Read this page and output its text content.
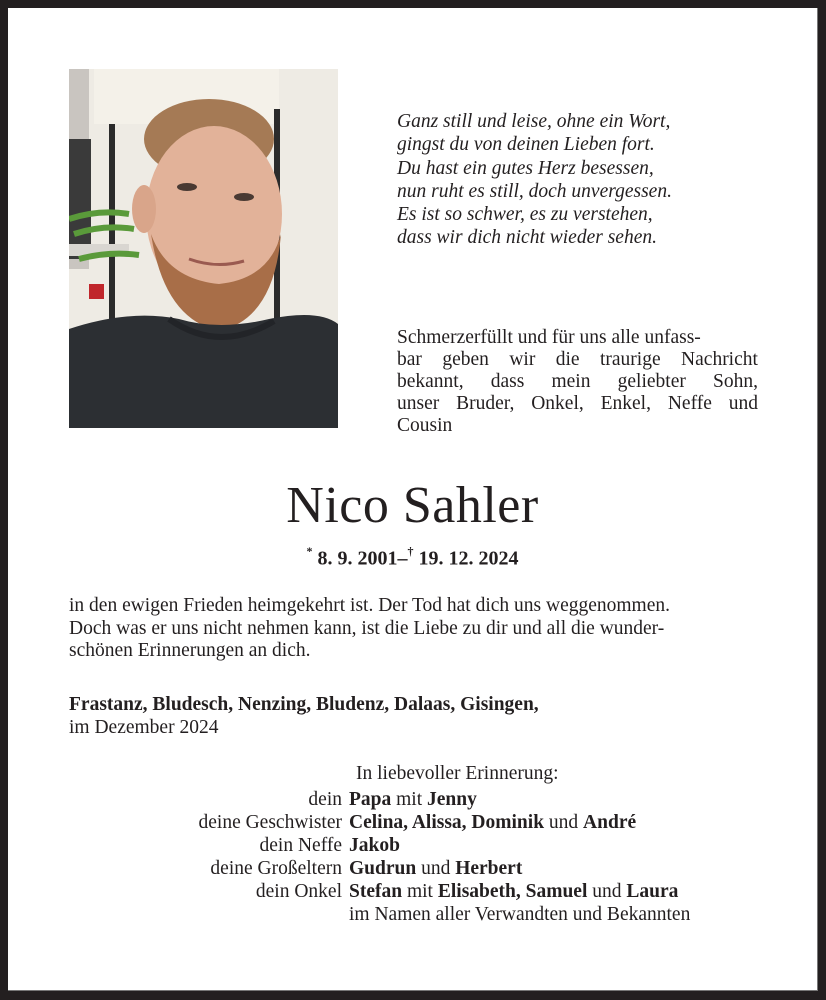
Ganz still und leise, ohne ein Wort,
gingst du von deinen Lieben fort.
Du hast ein gutes Herz besessen,
nun ruht es still, doch unvergessen.
Es ist so schwer, es zu verstehen,
dass wir dich nicht wieder sehen.
Schmerzerfüllt und für uns alle unfass-
bar geben wir die traurige Nachricht
bekannt, dass mein geliebter Sohn,
unser Bruder, Onkel, Enkel, Neffe und
Cousin
Nico Sahler
* 8. 9. 2001–† 19. 12. 2024
in den ewigen Frieden heimgekehrt ist. Der Tod hat dich uns weggenommen.
Doch was er uns nicht nehmen kann, ist die Liebe zu dir und all die wunder-
schönen Erinnerungen an dich.
Frastanz, Bludesch, Nenzing, Bludenz, Dalaas, Gisingen,
im Dezember 2024
In liebevoller Erinnerung:
dein Papa mit Jenny
deine Geschwister Celina, Alissa, Dominik und André
dein Neffe Jakob
deine Großeltern Gudrun und Herbert
dein Onkel Stefan mit Elisabeth, Samuel und Laura
im Namen aller Verwandten und Bekannten
